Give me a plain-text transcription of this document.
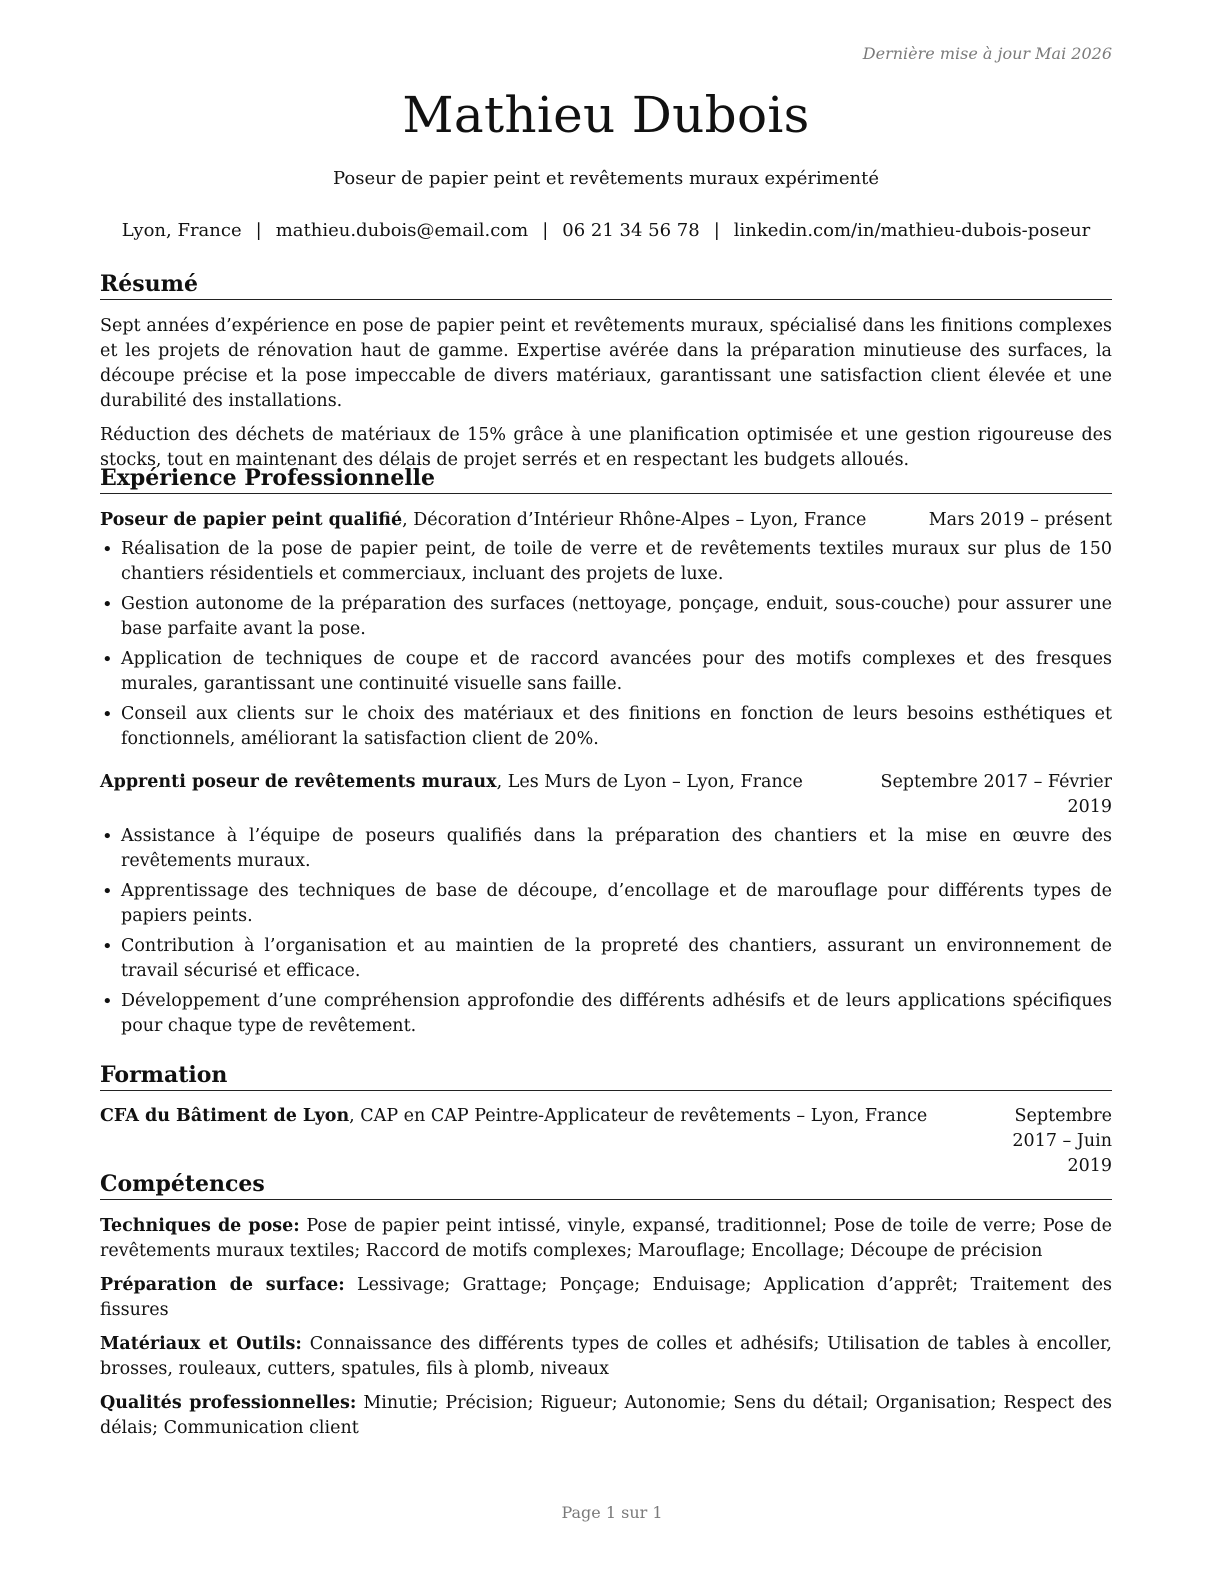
Dernière mise à jour Mai 2026
Mathieu Dubois
Poseur de papier peint et revêtements muraux expérimenté
Lyon, France | mathieu.dubois@email.com | 06 21 34 56 78 | linkedin.com/in/mathieu-dubois-poseur
Résumé

Sept années d’expérience en pose de papier peint et revêtements muraux, spécialisé dans les finitions complexes et les projets de rénovation haut de gamme. Expertise avérée dans la préparation minutieuse des surfaces, la découpe précise et la pose impeccable de divers matériaux, garantissant une satisfaction client élevée et une durabilité des installations.

Réduction des déchets de matériaux de 15% grâce à une planification optimisée et une gestion rigoureuse des stocks, tout en maintenant des délais de projet serrés et en respectant les budgets alloués.

Expérience Professionnelle
Poseur de papier peint qualifié, Décoration d’Intérieur Rhône-Alpes – Lyon, France	Mars 2019 – présent
• Réalisation de la pose de papier peint, de toile de verre et de revêtements textiles muraux sur plus de 150 chantiers résidentiels et commerciaux, incluant des projets de luxe.
• Gestion autonome de la préparation des surfaces (nettoyage, ponçage, enduit, sous-couche) pour assurer une base parfaite avant la pose.
• Application de techniques de coupe et de raccord avancées pour des motifs complexes et des fresques murales, garantissant une continuité visuelle sans faille.
• Conseil aux clients sur le choix des matériaux et des finitions en fonction de leurs besoins esthétiques et fonctionnels, améliorant la satisfaction client de 20%.
Apprenti poseur de revêtements muraux, Les Murs de Lyon – Lyon, France	Septembre 2017 – Février 2019
• Assistance à l’équipe de poseurs qualifiés dans la préparation des chantiers et la mise en œuvre des revêtements muraux.
• Apprentissage des techniques de base de découpe, d’encollage et de marouflage pour différents types de papiers peints.
• Contribution à l’organisation et au maintien de la propreté des chantiers, assurant un environnement de travail sécurisé et efficace.
• Développement d’une compréhension approfondie des différents adhésifs et de leurs applications spécifiques pour chaque type de revêtement.
Formation
CFA du Bâtiment de Lyon, CAP en CAP Peintre-Applicateur de revêtements – Lyon, France	Septembre 2017 – Juin 2019
Compétences

Techniques de pose: Pose de papier peint intissé, vinyle, expansé, traditionnel; Pose de toile de verre; Pose de revêtements muraux textiles; Raccord de motifs complexes; Marouflage; Encollage; Découpe de précision

Préparation de surface: Lessivage; Grattage; Ponçage; Enduisage; Application d’apprêt; Traitement des fissures

Matériaux et Outils: Connaissance des différents types de colles et adhésifs; Utilisation de tables à encoller, brosses, rouleaux, cutters, spatules, fils à plomb, niveaux

Qualités professionnelles: Minutie; Précision; Rigueur; Autonomie; Sens du détail; Organisation; Respect des délais; Communication client

Page 1 sur 1
